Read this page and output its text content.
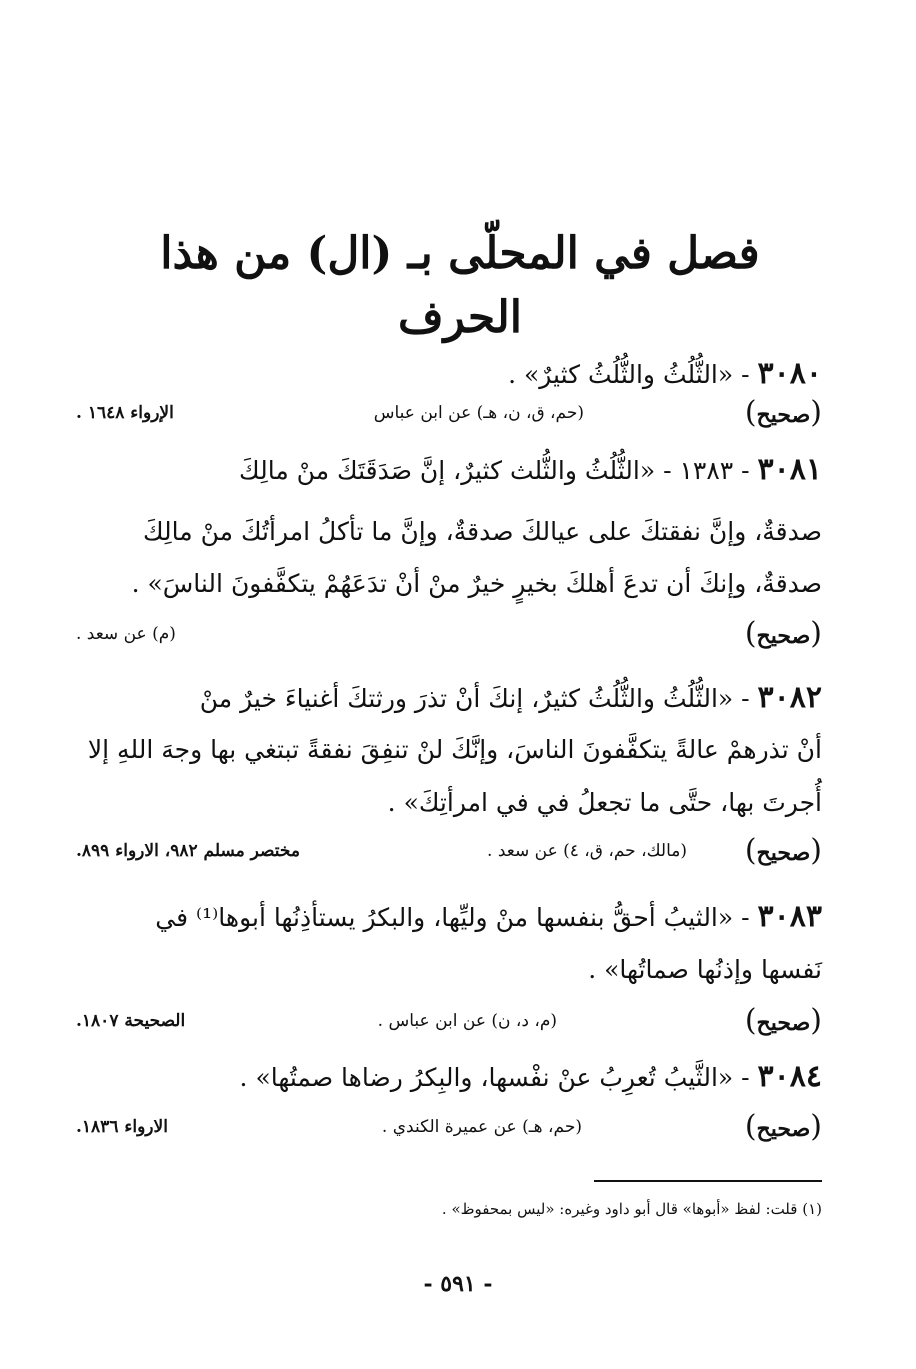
فصل في المحلّى بـ (ال) من هذا الحرف
٣٠٨٠ - «الثُّلُثُ والثُّلُثُ كثيرٌ» .
(صحيح)
(حم، ق، ن، هـ) عن ابن عباس
الإرواء ١٦٤٨ .
٣٠٨١ - ١٣٨٣ - «الثُّلُثُ والثُّلث كثيرٌ، إنَّ صَدَقَتَكَ منْ مالِكَ
صدقةٌ، وإنَّ نفقتكَ على عيالكَ صدقةٌ، وإنَّ ما تأكلُ امرأتُكَ منْ مالِكَ
صدقةٌ، وإنكَ أن تدعَ أهلكَ بخيرٍ خيرٌ منْ أنْ تدَعَهُمْ يتكفَّفونَ الناسَ» .
(صحيح)
(م) عن سعد .
٣٠٨٢ - «الثُّلُثُ والثُّلُثُ كثيرٌ، إنكَ أنْ تذرَ ورثتكَ أغنياءَ خيرٌ منْ
أنْ تذرهمْ عالةً يتكفَّفونَ الناسَ، وإنَّكَ لنْ تنفِقَ نفقةً تبتغي بها وجهَ اللهِ إلا
أُجرتَ بها، حتَّى ما تجعلُ في في امرأتِكَ» .
(صحيح)
(مالك، حم، ق، ٤) عن سعد .
مختصر مسلم ٩٨٢، الارواء ٨٩٩.
٣٠٨٣ - «الثيبُ أحقُّ بنفسها منْ وليِّها، والبكرُ يستأذِنُها أبوها⁽¹⁾ في
نَفسها وإذنُها صماتُها» .
(صحيح)
(م، د، ن) عن ابن عباس .
الصحيحة ١٨٠٧.
٣٠٨٤ - «الثَّيبُ تُعرِبُ عنْ نفْسها، والبِكرُ رضاها صمتُها» .
(صحيح)
(حم، هـ) عن عميرة الكندي .
الارواء ١٨٣٦.
(١) قلت: لفظ «أبوها» قال أبو داود وغيره: «ليس بمحفوظ» .
- ٥٩١ -
